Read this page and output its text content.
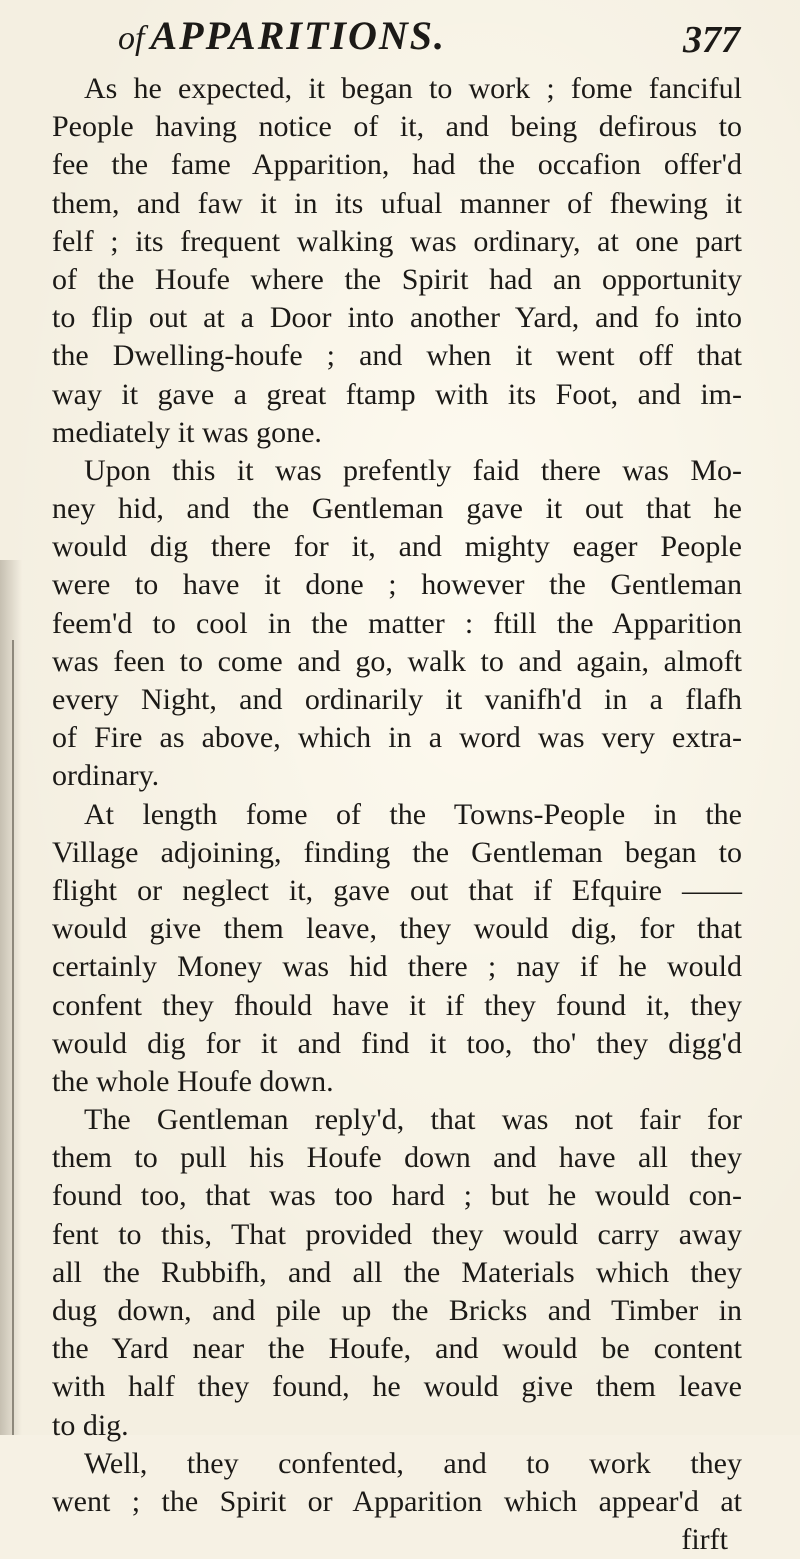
of APPARITIONS.	377
As he expected, it began to work ; fome fanciful
People having notice of it, and being defirous to
fee the fame Apparition, had the occafion offer'd
them, and faw it in its ufual manner of fhewing it
felf ; its frequent walking was ordinary, at one part
of the Houfe where the Spirit had an opportunity
to flip out at a Door into another Yard, and fo into
the Dwelling-houfe ; and when it went off that
way it gave a great ftamp with its Foot, and im-
mediately it was gone.
Upon this it was prefently faid there was Mo-
ney hid, and the Gentleman gave it out that he
would dig there for it, and mighty eager People
were to have it done ; however the Gentleman
feem'd to cool in the matter : ftill the Apparition
was feen to come and go, walk to and again, almoft
every Night, and ordinarily it vanifh'd in a flafh
of Fire as above, which in a word was very extra-
ordinary.
At length fome of the Towns-People in the
Village adjoining, finding the Gentleman began to
flight or neglect it, gave out that if Efquire ——
would give them leave, they would dig, for that
certainly Money was hid there ; nay if he would
confent they fhould have it if they found it, they
would dig for it and find it too, tho' they digg'd
the whole Houfe down.
The Gentleman reply'd, that was not fair for
them to pull his Houfe down and have all they
found too, that was too hard ; but he would con-
fent to this, That provided they would carry away
all the Rubbifh, and all the Materials which they
dug down, and pile up the Bricks and Timber in
the Yard near the Houfe, and would be content
with half they found, he would give them leave
to dig.
Well, they confented, and to work they
went ; the Spirit or Apparition which appear'd at
firft
